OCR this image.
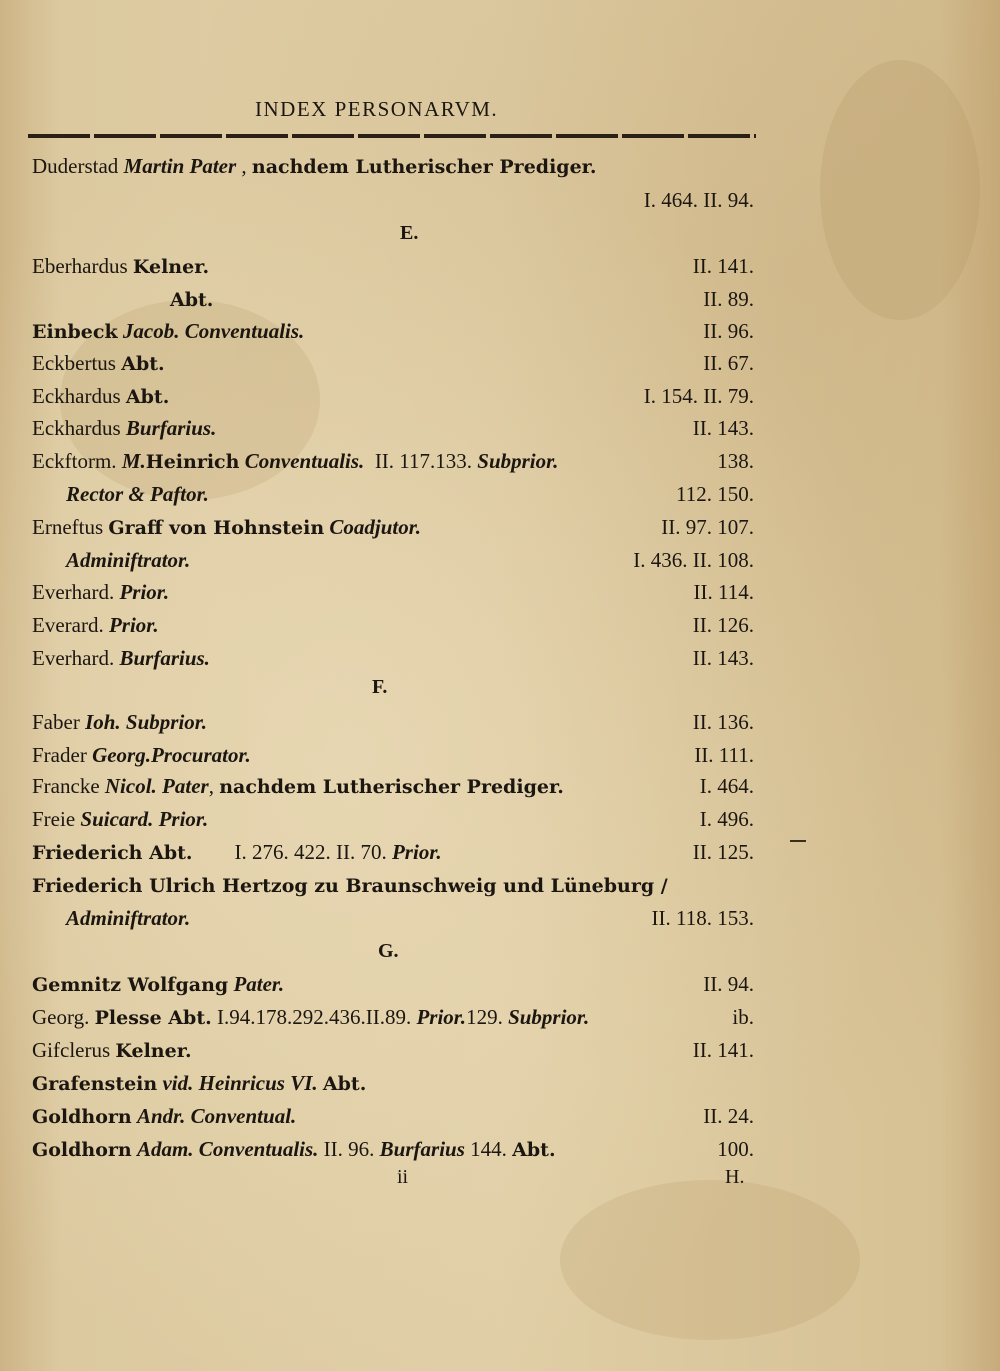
INDEX PERSONARVM.
Duderstad Martin Pater , nachdem Lutherischer Prediger.
I. 464. II. 94.
Eberhardus Kelner.	II. 141.
Abt.	II. 89.
Einbeck Jacob. Conventualis.	II. 96.
Eckbertus Abt.	II. 67.
Eckhardus Abt.	I. 154. II. 79.
Eckhardus Burfarius.	II. 143.
Eckftorm. M.Heinrich Conventualis.  II. 117.133. Subprior.	138.
Rector & Paftor.	112. 150.
Erneftus Graff von Hohnstein Coadjutor.	II. 97. 107.
Adminiftrator.	I. 436. II. 108.
Everhard. Prior.	II. 114.
Everard. Prior.	II. 126.
Everhard. Burfarius.	II. 143.
Faber Ioh. Subprior.	II. 136.
Frader Georg.Procurator.	II. 111.
Francke Nicol. Pater, nachdem Lutherischer Prediger.	I. 464.
Freie Suicard. Prior.	I. 496.
Friederich Abt.        I. 276. 422. II. 70. Prior.	II. 125.
Friederich Ulrich Hertzog zu Braunschweig und Lüneburg /
Adminiftrator.	II. 118. 153.
Gemnitz Wolfgang Pater.	II. 94.
Georg. Plesse Abt. I.94.178.292.436.II.89. Prior.129. Subprior.	ib.
Gifclerus Kelner.	II. 141.
Grafenstein vid. Heinricus VI. Abt.
Goldhorn Andr. Conventual.	II. 24.
Goldhorn Adam. Conventualis. II. 96. Burfarius 144. Abt.	100.
E.
F.
G.
ii	H.
